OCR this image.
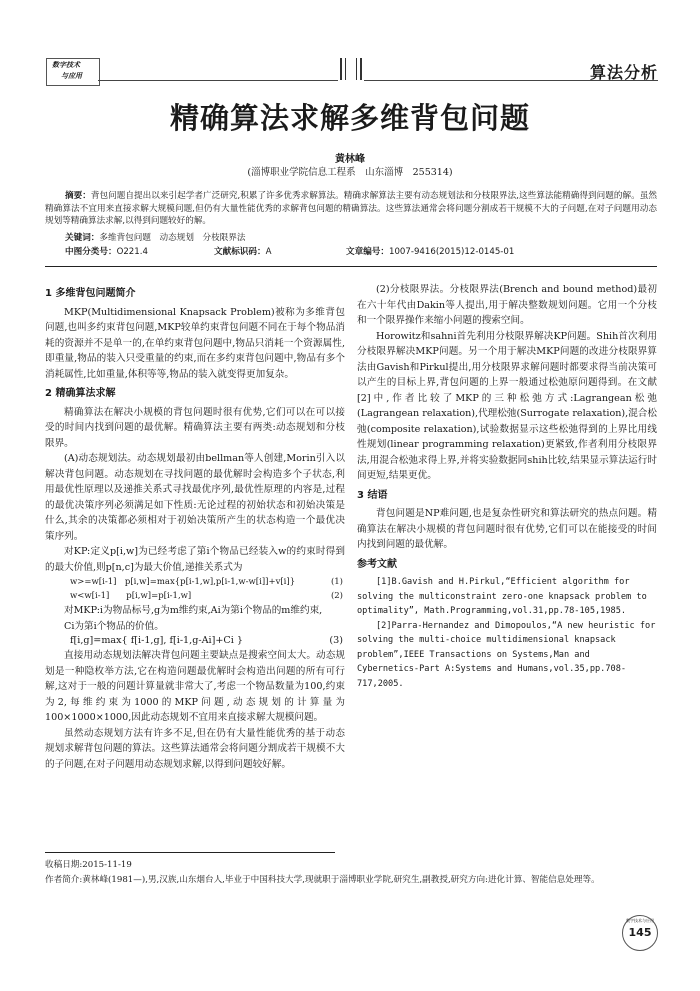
数字技术
与应用	算法分析
精确算法求解多维背包问题
黄林峰
(淄博职业学院信息工程系　山东淄博　255314)
摘要：背包问题自提出以来引起学者广泛研究,积累了许多优秀求解算法。精确求解算法主要有动态规划法和分枝限界法,这些算法能精确得到问题的解。虽然精确算法不宜用来直接求解大规模问题,但仍有大量性能优秀的求解背包问题的精确算法。这些算法通常会将问题分割成若干规模不大的子问题,在对子问题用动态规划等精确算法求解,以得到问题较好的解。
关键词：多维背包问题　动态规划　分枝限界法
中图分类号：O221.4	文献标识码：A	文章编号：1007-9416(2015)12-0145-01
1 多维背包问题简介

MKP(Multidimensional Knapsack Problem)被称为多维背包问题,也叫多约束背包问题,MKP较单约束背包问题不同在于每个物品消耗的资源并不是单一的,在单约束背包问题中,物品只消耗一个资源属性,即重量,物品的装入只受重量的约束,而在多约束背包问题中,物品有多个消耗属性,比如重量,体积等等,物品的装入就变得更加复杂。

2 精确算法求解

精确算法在解决小规模的背包问题时很有优势,它们可以在可以接受的时间内找到问题的最优解。精确算法主要有两类:动态规划和分枝限界。

(A)动态规划法。动态规划最初由bellman等人创建,Morin引入以解决背包问题。动态规划在寻找问题的最优解时会构造多个子状态,利用最优性原理以及递推关系式寻找最优序列,最优性原理的内容是,过程的最优决策序列必须满足如下性质:无论过程的初始状态和初始决策是什么,其余的决策都必须相对于初始决策所产生的状态构造一个最优决策序列。

对KP:定义p[i,w]为已经考虑了第i个物品已经装入w的约束时得到的最大价值,则p[n,c]为最大价值,递推关系式为

w>=w[i-1]　p[i,w]=max{p[i-1,w],p[i-1,w-w[i]]+v[i]}	(1)
w<w[i-1]　　p[i,w]=p[i-1,w]	(2)

对MKP:i为物品标号,g为m维约束,Ai为第i个物品的m维约束,

Ci为第i个物品的价值。

f[i,g]=max{ f[i-1,g], f[i-1,g-Ai]+Ci }	(3)

直接用动态规划法解决背包问题主要缺点是搜索空间太大。动态规划是一种隐枚举方法,它在构造问题最优解时会构造出问题的所有可行解,这对于一般的问题计算量就非常大了,考虑一个物品数量为100,约束为2,每维约束为1000的MKP问题,动态规划的计算量为100×1000×1000,因此动态规划不宜用来直接求解大规模问题。

虽然动态规划方法有许多不足,但在仍有大量性能优秀的基于动态规划求解背包问题的算法。这些算法通常会将问题分割成若干规模不大的子问题,在对子问题用动态规划求解,以得到问题较好解。

(2)分枝限界法。分枝限界法(Brench and bound method)最初在六十年代由Dakin等人提出,用于解决整数规划问题。它用一个分枝和一个限界操作来缩小问题的搜索空间。

Horowitz和sahni首先利用分枝限界解决KP问题。Shih首次利用分枝限界解决MKP问题。另一个用于解决MKP问题的改进分枝限界算法由Gavish和Pirkul提出,用分枝限界求解问题时都要求得当前决策可以产生的目标上界,背包问题的上界一般通过松弛原问题得到。在文献[2]中,作者比较了MKP的三种松弛方式:Lagrangean松弛(Lagrangean relaxation),代理松弛(Surrogate relaxation),混合松弛(composite relaxation),试验数据显示这些松弛得到的上界比用线性规划(linear programming relaxation)更紧致,作者利用分枝限界法,用混合松弛求得上界,并将实验数据同shih比较,结果显示算法运行时间更短,结果更优。

3 结语

背包问题是NP难问题,也是复杂性研究和算法研究的热点问题。精确算法在解决小规模的背包问题时很有优势,它们可以在能接受的时间内找到问题的最优解。

参考文献

[1]B.Gavish and H.Pirkul,“Efficient algorithm for solving the multiconstraint zero-one knapsack problem to optimality”, Math.Programming,vol.31,pp.78-105,1985.

[2]Parra-Hernandez and Dimopoulos,“A new heuristic for solving the multi-choice multidimensional knapsack problem”,IEEE Transactions on Systems,Man and Cybernetics-Part A:Systems and Humans,vol.35,pp.708-717,2005.

收稿日期:2015-11-19

作者简介:黄林峰(1981—),男,汉族,山东烟台人,毕业于中国科技大学,现就职于淄博职业学院,研究生,副教授,研究方向:进化计算、智能信息处理等。

数字技术与应用
145
